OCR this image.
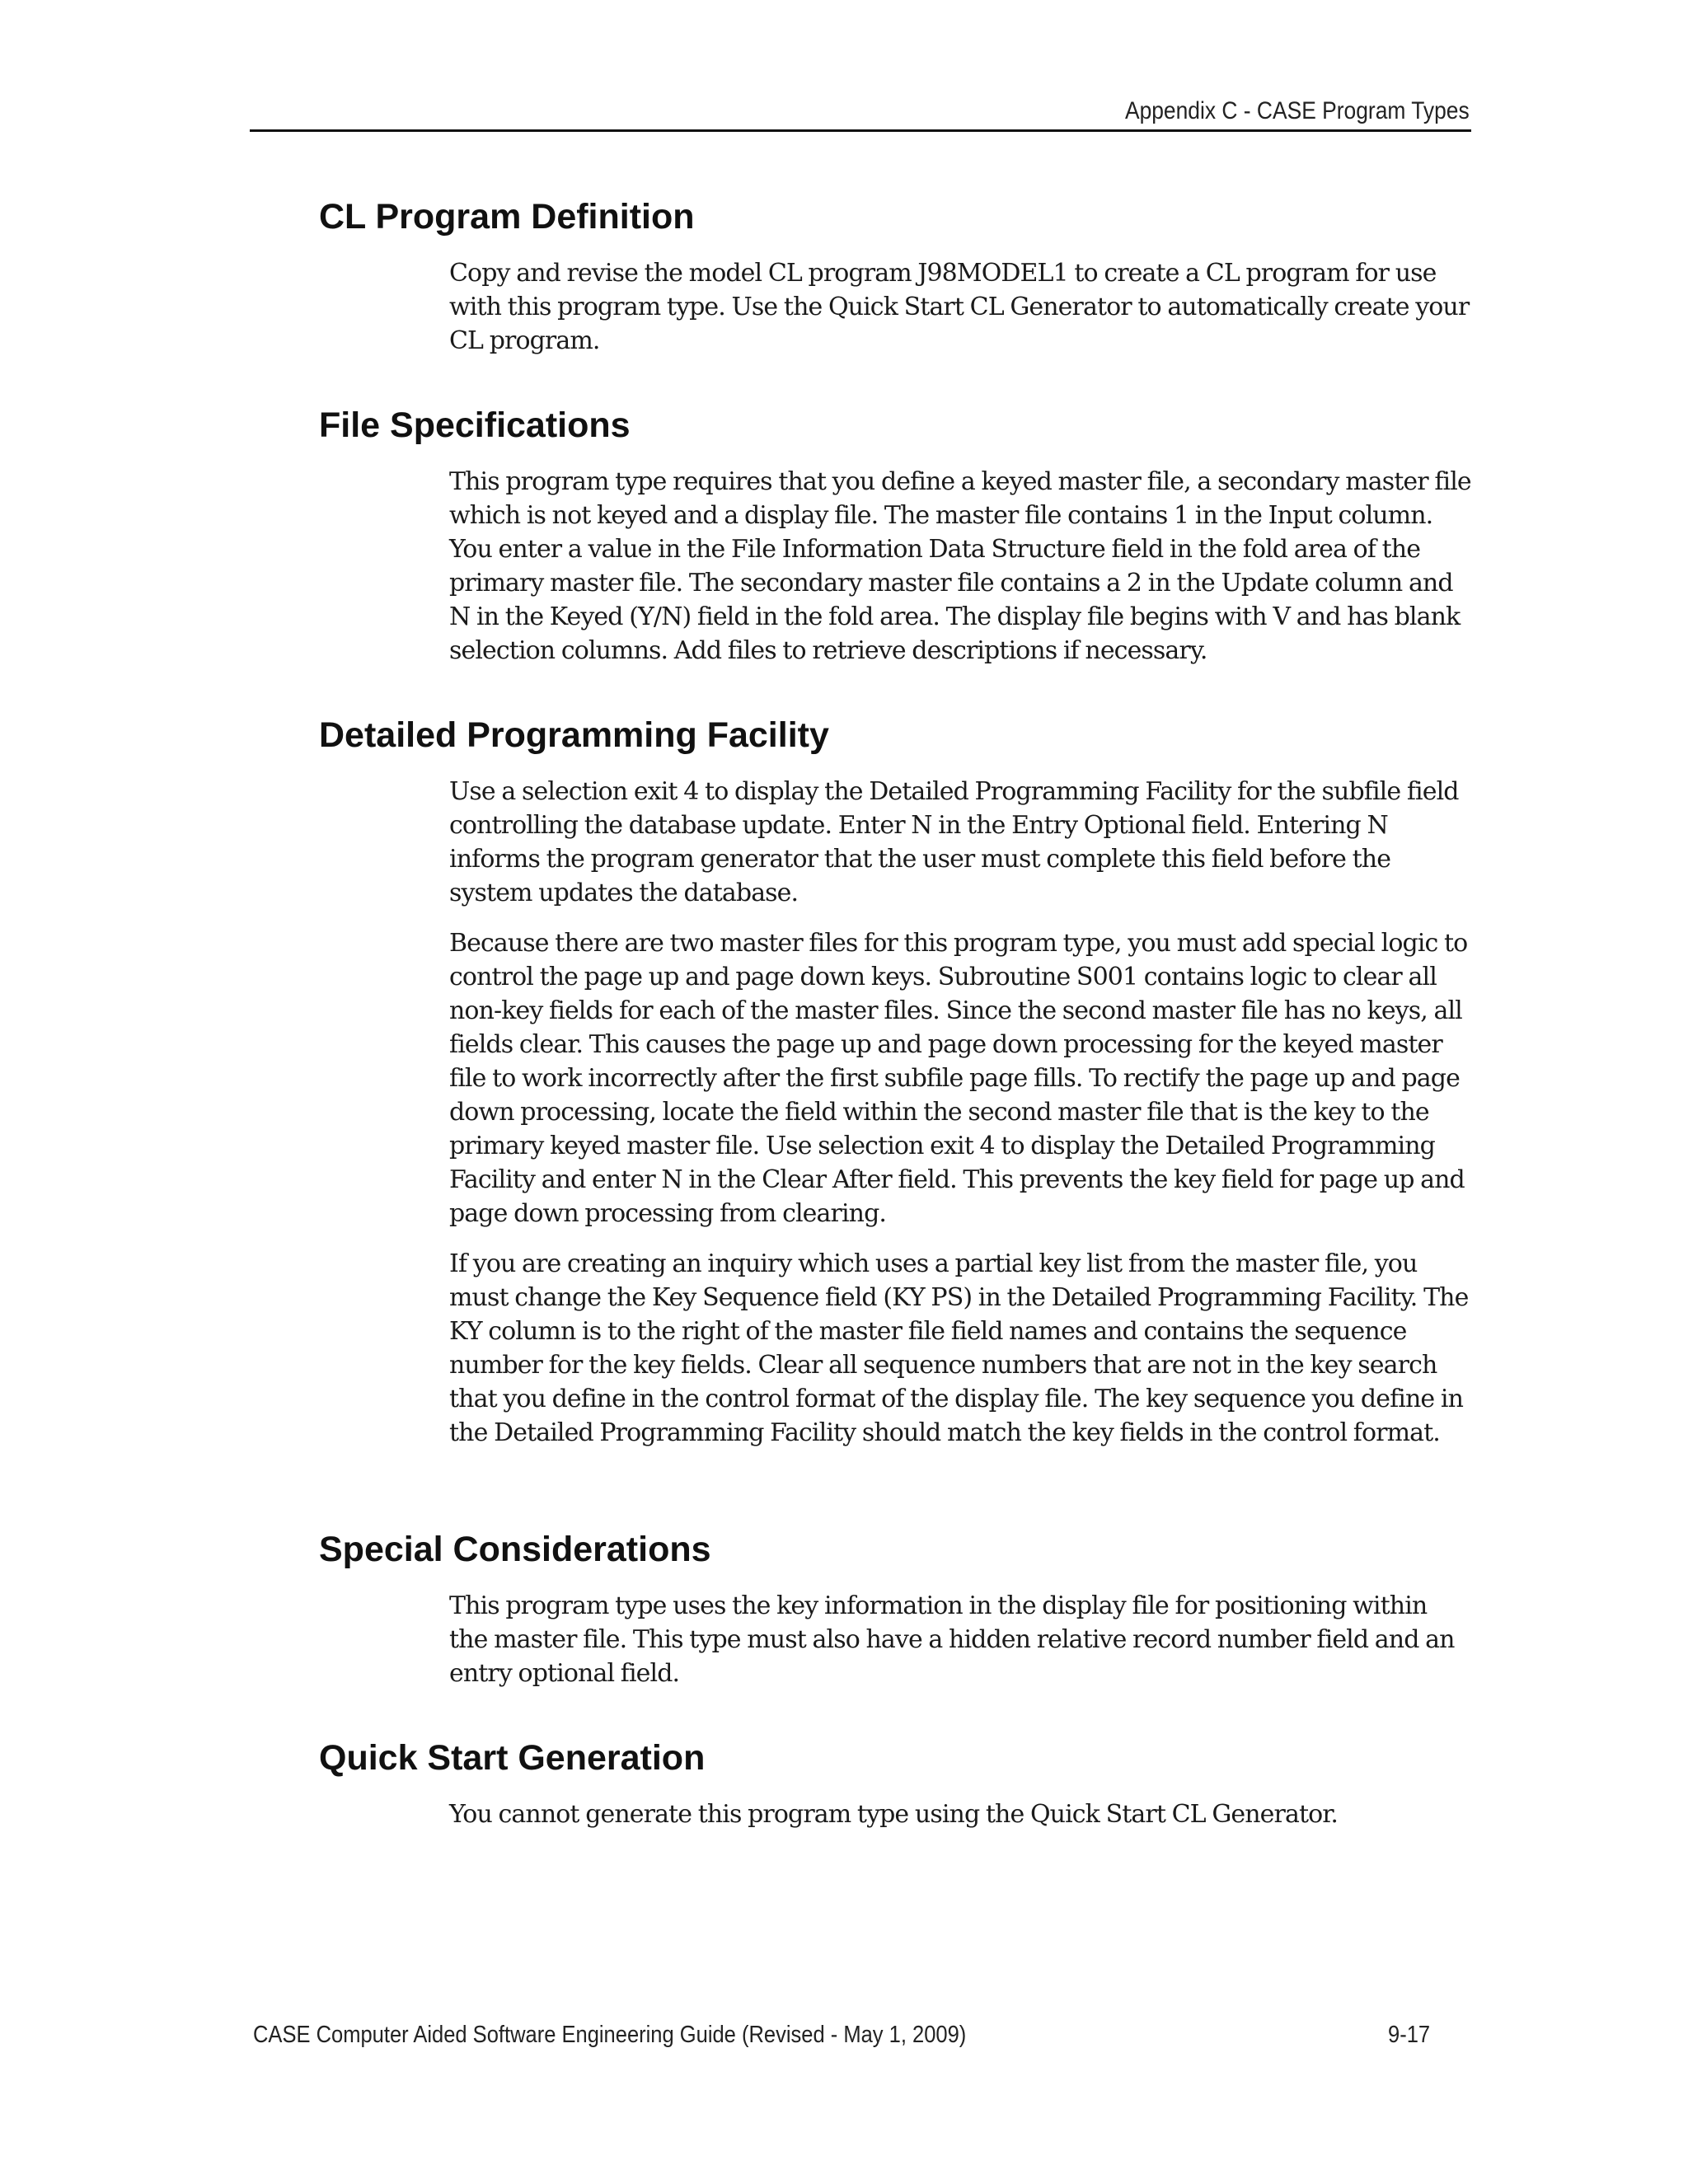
Appendix C - CASE Program Types
CL Program Definition

Copy and revise the model CL program J98MODEL1 to create a CL program for use with this program type. Use the Quick Start CL Generator to automatically create your CL program.

File Specifications

This program type requires that you define a keyed master file, a secondary master file which is not keyed and a display file. The master file contains 1 in the Input column. You enter a value in the File Information Data Structure field in the fold area of the primary master file. The secondary master file contains a 2 in the Update column and N in the Keyed (Y/N) field in the fold area. The display file begins with V and has blank selection columns. Add files to retrieve descriptions if necessary.

Detailed Programming Facility

Use a selection exit 4 to display the Detailed Programming Facility for the subfile field controlling the database update. Enter N in the Entry Optional field. Entering N informs the program generator that the user must complete this field before the system updates the database.

Because there are two master files for this program type, you must add special logic to control the page up and page down keys. Subroutine S001 contains logic to clear all non-key fields for each of the master files. Since the second master file has no keys, all fields clear. This causes the page up and page down processing for the keyed master file to work incorrectly after the first subfile page fills. To rectify the page up and page down processing, locate the field within the second master file that is the key to the primary keyed master file. Use selection exit 4 to display the Detailed Programming Facility and enter N in the Clear After field. This prevents the key field for page up and page down processing from clearing.

If you are creating an inquiry which uses a partial key list from the master file, you must change the Key Sequence field (KY PS) in the Detailed Programming Facility. The KY column is to the right of the master file field names and contains the sequence number for the key fields. Clear all sequence numbers that are not in the key search that you define in the control format of the display file. The key sequence you define in the Detailed Programming Facility should match the key fields in the control format.

Special Considerations

This program type uses the key information in the display file for positioning within the master file. This type must also have a hidden relative record number field and an entry optional field.

Quick Start Generation

You cannot generate this program type using the Quick Start CL Generator.

CASE Computer Aided Software Engineering Guide (Revised - May 1, 2009)	9-17
